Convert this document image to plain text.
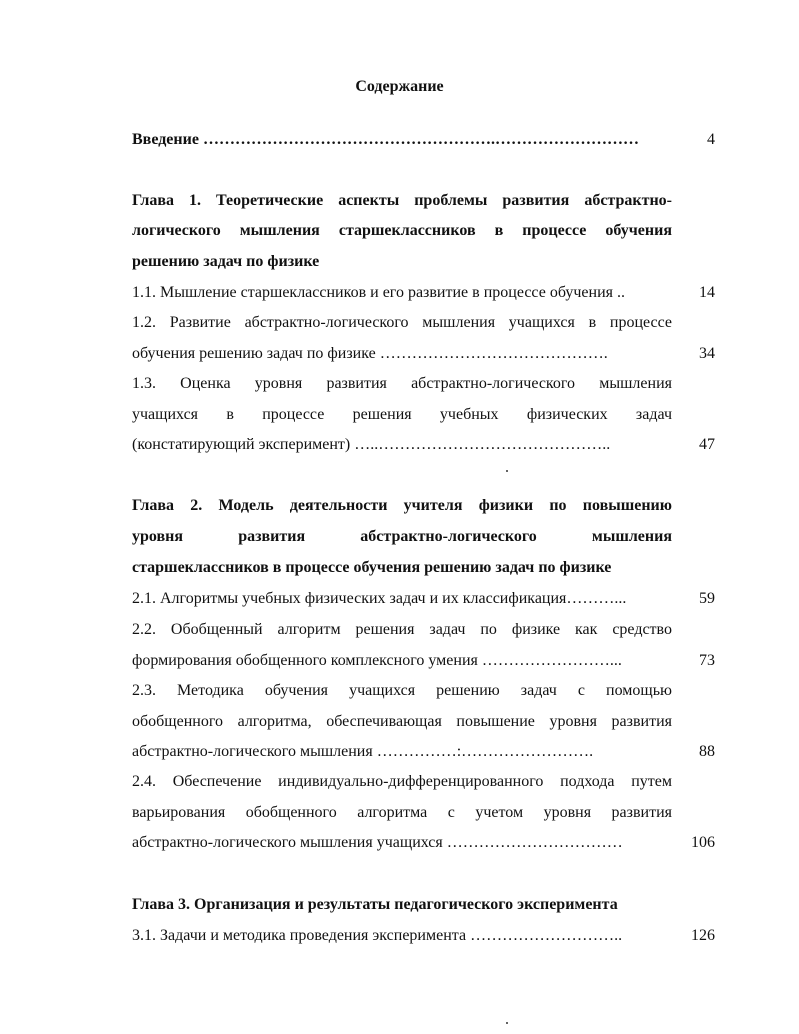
Содержание
Введение ……………………………………………….………………………	4
Глава 1. Теоретические аспекты проблемы развития абстрактно-
логического мышления старшеклассников в процессе обучения
решению задач по физике
1.1. Мышление старшеклассников и его развитие в процессе обучения ..	14
1.2. Развитие абстрактно-логического мышления учащихся в процессе
обучения решению задач по физике …………………………………….	34
1.3. Оценка уровня развития абстрактно-логического мышления
учащихся в процессе решения учебных физических задач
(констатирующий эксперимент) …..……………………………………..	47
Глава 2. Модель деятельности учителя физики по повышению
уровня развития абстрактно-логического мышления
старшеклассников в процессе обучения решению задач по физике
2.1. Алгоритмы учебных физических задач и их классификация………...	59
2.2. Обобщенный алгоритм решения задач по физике как средство
формирования обобщенного комплексного умения ……………………...	73
2.3. Методика обучения учащихся решению задач с помощью
обобщенного алгоритма, обеспечивающая повышение уровня развития
абстрактно-логического мышления ……………:…………………….	88
2.4. Обеспечение индивидуально-дифференцированного подхода путем
варьирования обобщенного алгоритма с учетом уровня развития
абстрактно-логического мышления учащихся ……………………………	106
Глава 3. Организация и результаты педагогического эксперимента
3.1. Задачи и методика проведения эксперимента ………………………..	126
